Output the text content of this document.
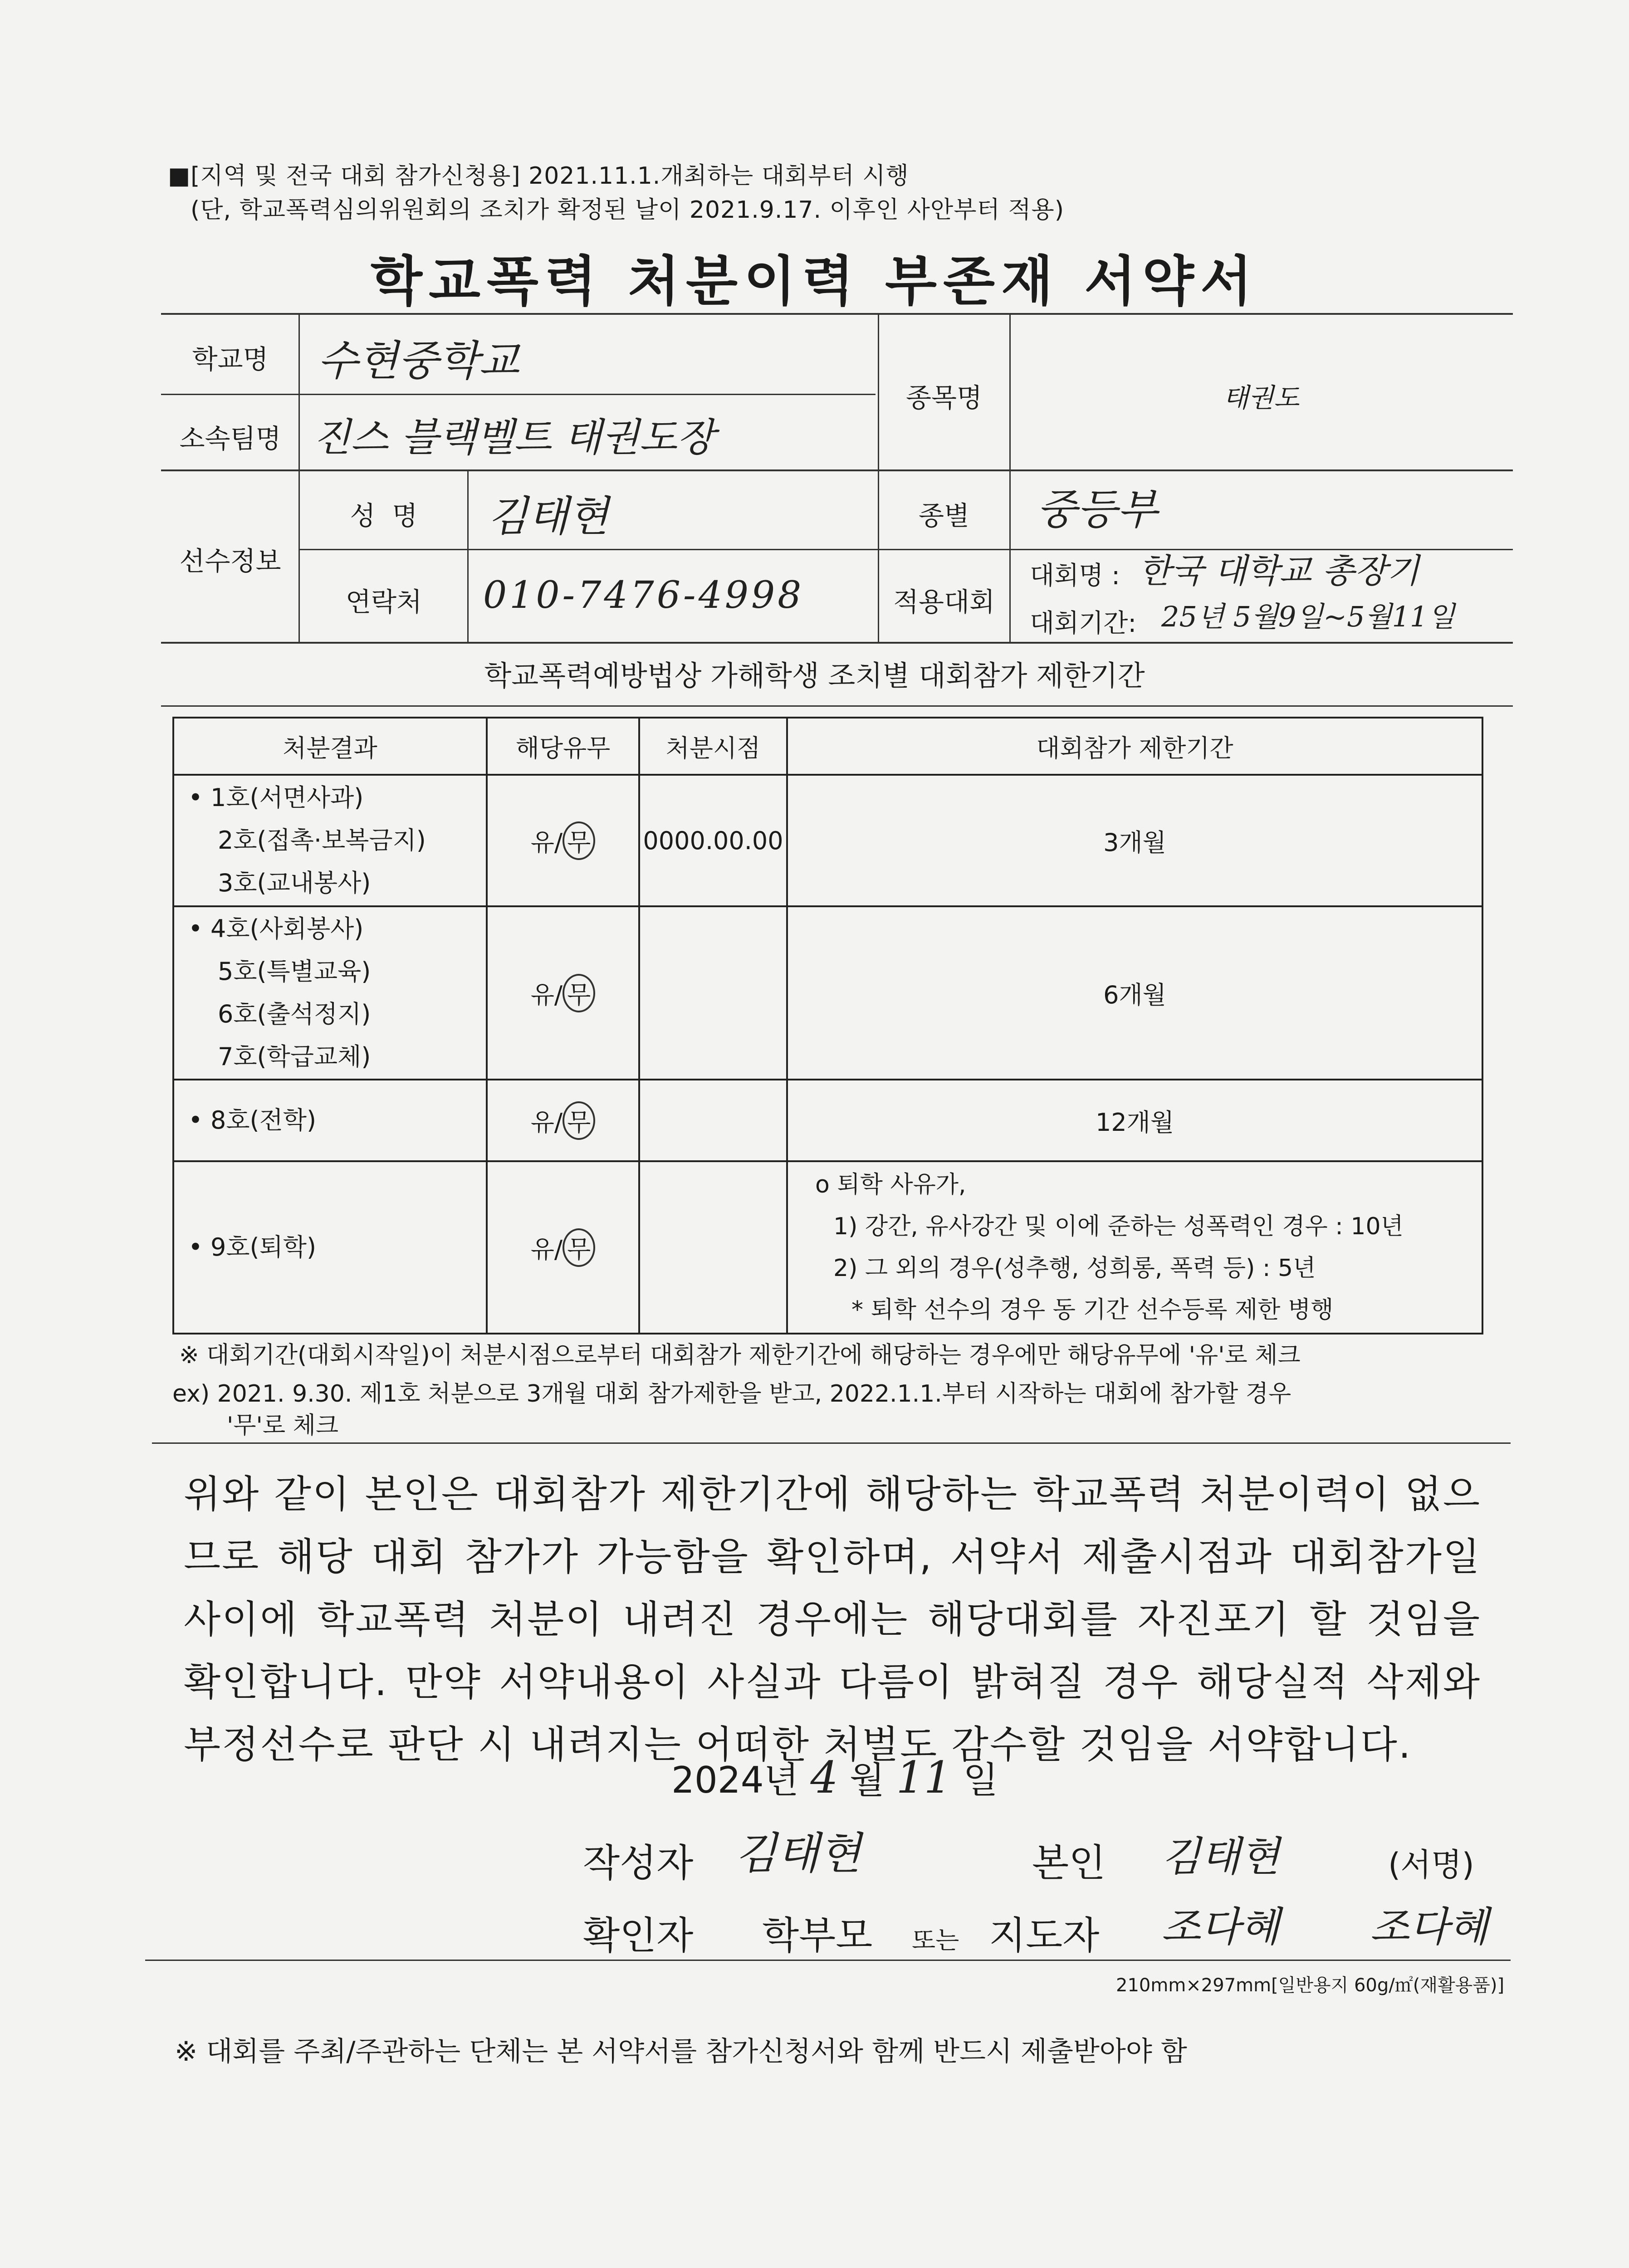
■[지역 및 전국 대회 참가신청용] 2021.11.1.개최하는 대회부터 시행
(단, 학교폭력심의위원회의 조치가 확정된 날이 2021.9.17. 이후인 사안부터 적용)
학교폭력 처분이력 부존재 서약서
학교명	수현중학교
소속팀명 진스 블랙벨트 태권도장
종목명	태권도
선수정보
성  명	김태현
연락처	010-7476-4998
종별	중등부
적용대회
대회명 : 한국 대학교 총장기
대회기간: 25년 5월9일~5월11일
학교폭력예방법상 가해학생 조치별 대회참가 제한기간
처분결과	해당유무	처분시점	대회참가 제한기간

• 1호(서면사과)
2호(접촉·보복금지)
3호(교내봉사)	유/ 무	0000.00.00	3개월

• 4호(사회봉사)
5호(특별교육)
6호(출석정지)
7호(학급교체)	유/ 무		6개월

• 8호(전학)	유/ 무		12개월

• 9호(퇴학)	유/ 무		o 퇴학 사유가,
1) 강간, 유사강간 및 이에 준하는 성폭력인 경우 : 10년
2) 그 외의 경우(성추행, 성희롱, 폭력 등) : 5년
* 퇴학 선수의 경우 동 기간 선수등록 제한 병행
※ 대회기간(대회시작일)이 처분시점으로부터 대회참가 제한기간에 해당하는 경우에만 해당유무에 '유'로 체크
ex) 2021. 9.30. 제1호 처분으로 3개월 대회 참가제한을 받고, 2022.1.1.부터 시작하는 대회에 참가할 경우
'무'로 체크
위와 같이 본인은 대회참가 제한기간에 해당하는 학교폭력 처분이력이 없으므로 해당 대회 참가가 가능함을 확인하며, 서약서 제출시점과 대회참가일 사이에 학교폭력 처분이 내려진 경우에는 해당대회를 자진포기 할 것임을 확인합니다. 만약 서약내용이 사실과 다름이 밝혀질 경우 해당실적 삭제와 부정선수로 판단 시 내려지는 어떠한 처벌도 감수할 것임을 서약합니다.
2024년 4 월 11 일
작성자 김태현	본인 김태현	(서명)
확인자 학부모 또는 지도자 조다혜 조다혜
210mm×297mm[일반용지 60g/㎡(재활용품)]
※ 대회를 주최/주관하는 단체는 본 서약서를 참가신청서와 함께 반드시 제출받아야 함
